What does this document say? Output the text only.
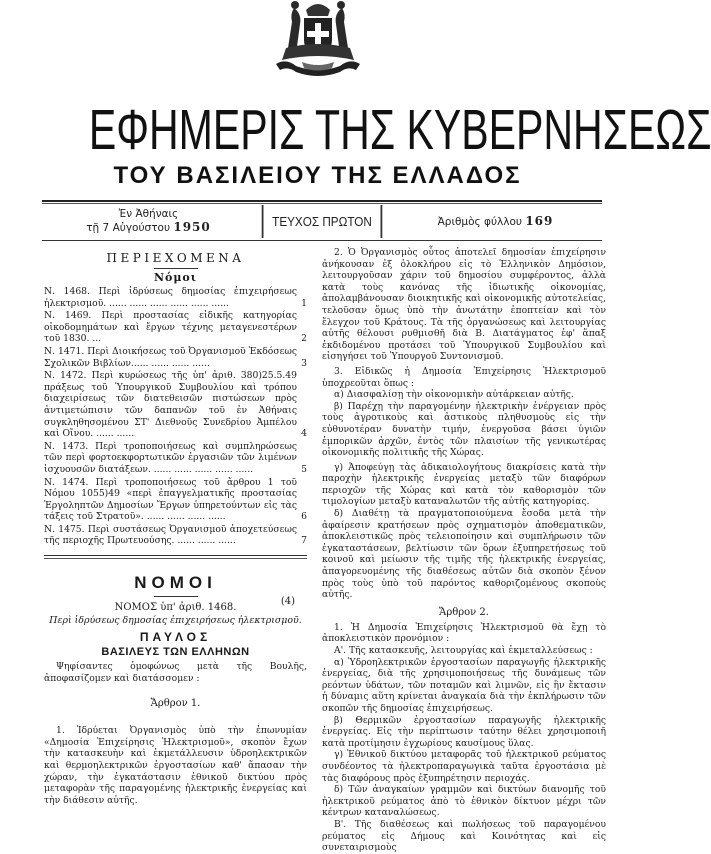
ΕΦΗΜΕΡΙΣ ΤΗΣ ΚΥΒΕΡΝΗΣΕΩΣ
ΤΟΥ ΒΑΣΙΛΕΙΟΥ ΤΗΣ ΕΛΛΑΔΟΣ
Ἐν Ἀθήναις
τῇ 7 Αὐγούστου 1950	ΤΕΥΧΟΣ ΠΡΩΤΟΝ	Ἀριθμὸς φύλλου 169
ΠΕΡΙΕΧΟΜΕΝΑ
Νόμοι
Ν. 1468. Περὶ ἱδρύσεως δημοσίας ἐπιχειρήσεως ἠλεκτρισμοῦ. ...... ...... ...... ...... ...... ......	1
Ν. 1469. Περὶ προστασίας εἰδικῆς κατηγορίας οἰκοδομημάτων καὶ ἔργων τέχνης μεταγενεστέρων τοῦ 1830. ...	2
Ν. 1471. Περὶ Διοικήσεως τοῦ Ὀργανισμοῦ Ἐκδόσεως Σχολικῶν Βιβλίων...... ...... ...... ......	3
Ν. 1472. Περὶ κυρώσεως τῆς ὑπ' ἀριθ. 380)25.5.49 πράξεως τοῦ Ὑπουργικοῦ Συμβουλίου καὶ τρόπου διαχειρίσεως τῶν διατεθεισῶν πιστώσεων πρὸς ἀντιμετώπισιν τῶν δαπανῶν τοῦ ἐν Ἀθήναις συγκληθησομένου ΣΤ' Διεθνοῦς Συνεδρίου Ἀμπέλου καὶ Οἴνου. ...... ......	4
Ν. 1473. Περὶ τροποποιήσεως καὶ συμπληρώσεως τῶν περὶ φορτοεκφορτωτικῶν ἐργασιῶν τῶν λιμένων ἰσχυουσῶν διατάξεων. ...... ...... ...... ...... ......	5
Ν. 1474. Περὶ τροποποιήσεως τοῦ ἄρθρου 1 τοῦ Νόμου 1055)49 «περὶ ἐπαγγελματικῆς προστασίας Ἐργοληπτῶν Δημοσίων Ἔργων ὑπηρετούντων εἰς τὰς τάξεις τοῦ Στρατοῦ». ...... ...... ...... ......	6
Ν. 1475. Περὶ συστάσεως Ὀργανισμοῦ ἀποχετεύσεως τῆς περιοχῆς Πρωτευούσης. ...... ...... ......	7
ΝΟΜΟΙ
ΝΟΜΟΣ ὑπ' ἀριθ. 1468.
(4)
Περὶ ἱδρύσεως δημοσίας ἐπιχειρήσεως ἠλεκτρισμοῦ.
ΠΑΥΛΟΣ
ΒΑΣΙΛΕΥΣ ΤΩΝ ΕΛΛΗΝΩΝ
Ψηφίσαντες ὁμοφώνως μετὰ τῆς Βουλῆς, ἀποφασίζομεν καὶ διατάσσομεν :
Ἄρθρον 1.
1. Ἱδρύεται Ὀργανισμὸς ὑπὸ τὴν ἐπωνυμίαν «Δημοσία Ἐπιχείρησις Ἠλεκτρισμοῦ», σκοπὸν ἔχων τὴν κατασκευὴν καὶ ἐκμετάλλευσιν ὑδροηλεκτρικῶν καὶ θερμοηλεκτρικῶν ἐργοστασίων καθ' ἅπασαν τὴν χώραν, τὴν ἐγκατάστασιν ἐθνικοῦ δικτύου πρὸς μεταφορὰν τῆς παραγομένης ἠλεκτρικῆς ἐνεργείας καὶ τὴν διάθεσιν αὐτῆς.
2. Ὁ Ὀργανισμὸς οὗτος ἀποτελεῖ δημοσίαν ἐπιχείρησιν ἀνήκουσαν ἐξ ὁλοκλήρου εἰς τὸ Ἑλληνικὸν Δημόσιον, λειτουργοῦσαν χάριν τοῦ δημοσίου συμφέροντος, ἀλλὰ κατὰ τοὺς κανόνας τῆς ἰδιωτικῆς οἰκονομίας, ἀπολαμβάνουσαν διοικητικῆς καὶ οἰκονομικῆς αὐτοτελείας, τελοῦσαν ὅμως ὑπὸ τὴν ἀνωτάτην ἐποπτείαν καὶ τὸν ἔλεγχον τοῦ Κράτους. Τὰ τῆς ὀργανώσεως καὶ λειτουργίας αὐτῆς θέλουσι ρυθμισθῆ διὰ Β. Διατάγματος ἐφ' ἅπαξ ἐκδιδομένου προτάσει τοῦ Ὑπουργικοῦ Συμβουλίου καὶ εἰσηγήσει τοῦ Ὑπουργοῦ Συντονισμοῦ.
3. Εἰδικῶς ἡ Δημοσία Ἐπιχείρησις Ἠλεκτρισμοῦ ὑποχρεοῦται ὅπως :
α) Διασφαλίσῃ τὴν οἰκονομικὴν αὐτάρκειαν αὐτῆς.
β) Παρέχῃ τὴν παραγομένην ἠλεκτρικὴν ἐνέργειαν πρὸς τοὺς ἀγροτικοὺς καὶ ἀστικοὺς πληθυσμοὺς εἰς τὴν εὐθυνοτέραν δυνατὴν τιμήν, ἐνεργοῦσα βάσει ὑγιῶν ἐμπορικῶν ἀρχῶν, ἐντὸς τῶν πλαισίων τῆς γενικωτέρας οἰκονομικῆς πολιτικῆς τῆς Χώρας.
γ) Ἀποφεύγῃ τὰς ἀδικαιολογήτους διακρίσεις κατὰ τὴν παροχὴν ἠλεκτρικῆς ἐνεργείας μεταξὺ τῶν διαφόρων περιοχῶν τῆς Χώρας καὶ κατὰ τὸν καθορισμὸν τῶν τιμολογίων μεταξὺ καταναλωτῶν τῆς αὐτῆς κατηγορίας.
δ) Διαθέτῃ τὰ πραγματοποιούμενα ἔσοδα μετὰ τὴν ἀφαίρεσιν κρατήσεων πρὸς σχηματισμὸν ἀποθεματικῶν, ἀποκλειστικῶς πρὸς τελειοποίησιν καὶ συμπλήρωσιν τῶν ἐγκαταστάσεων, βελτίωσιν τῶν ὅρων ἐξυπηρετήσεως τοῦ κοινοῦ καὶ μείωσιν τῆς τιμῆς τῆς ἠλεκτρικῆς ἐνεργείας, ἀπαγορευομένης τῆς διαθέσεως αὐτῶν διὰ σκοπὸν ξένον πρὸς τοὺς ὑπὸ τοῦ παρόντος καθοριζομένους σκοποὺς αὐτῆς.
Ἄρθρον 2.
1. Ἡ Δημοσία Ἐπιχείρησις Ἠλεκτρισμοῦ θὰ ἔχῃ τὸ ἀποκλειστικὸν προνόμιον :
Α'. Τῆς κατασκευῆς, λειτουργίας καὶ ἐκμεταλλεύσεως :
α) Ὑδροηλεκτρικῶν ἐργοστασίων παραγωγῆς ἠλεκτρικῆς ἐνεργείας, διὰ τῆς χρησιμοποιήσεως τῆς δυνάμεως τῶν ρεόντων ὑδάτων, τῶν ποταμῶν καὶ λιμνῶν, εἰς ἣν ἔκτασιν ἡ δύναμις αὕτη κρίνεται ἀναγκαία διὰ τὴν ἐκπλήρωσιν τῶν σκοπῶν τῆς δημοσίας ἐπιχειρήσεως.
β) Θερμικῶν ἐργοστασίων παραγωγῆς ἠλεκτρικῆς ἐνεργείας. Εἰς τὴν περίπτωσιν ταύτην θέλει χρησιμοποιῆ κατὰ προτίμησιν ἐγχωρίους καυσίμους ὕλας.
γ) Ἐθνικοῦ δικτύου μεταφορᾶς τοῦ ἠλεκτρικοῦ ρεύματος συνδέοντος τὰ ἠλεκτροπαραγωγικὰ ταῦτα ἐργοστάσια μὲ τὰς διαφόρους πρὸς ἐξυπηρέτησιν περιοχάς.
δ) Τῶν ἀναγκαίων γραμμῶν καὶ δικτύων διανομῆς τοῦ ἠλεκτρικοῦ ρεύματος ἀπὸ τὸ ἐθνικὸν δίκτυον μέχρι τῶν κέντρων καταναλώσεως.
Β'. Τῆς διαθέσεως καὶ πωλήσεως τοῦ παραγομένου ρεύματος εἰς Δήμους καὶ Κοινότητας καὶ εἰς συνεταιρισμοὺς
